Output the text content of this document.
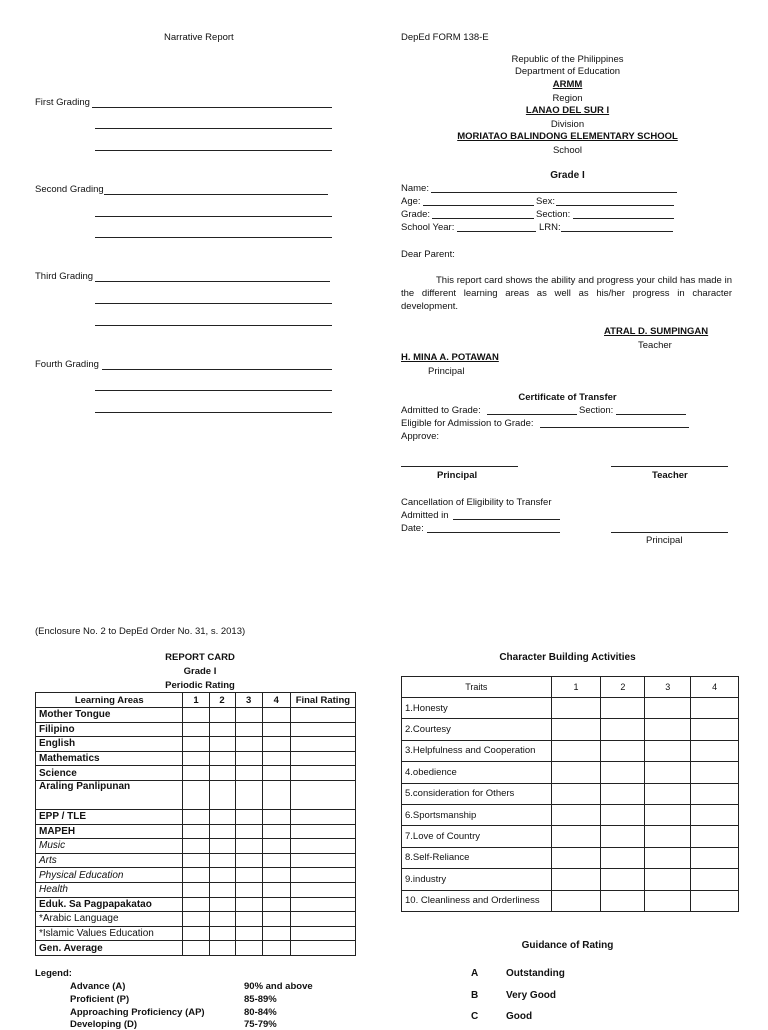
Narrative Report
First Grading
Second Grading
Third Grading
Fourth Grading
DepEd FORM 138-E
Republic of the Philippines
Department of Education
ARMM
Region
LANAO DEL SUR I
Division
MORIATAO BALINDONG ELEMENTARY SCHOOL
School
Grade I
Name:
Age:	Sex:
Grade:	Section:
School Year:	LRN:
Dear Parent:
This report card shows the ability and progress your child has made in the different learning areas as well as his/her progress in character development.
ATRAL D. SUMPINGAN
Teacher
H. MINA A. POTAWAN
Principal
Certificate of Transfer
Admitted to Grade:	Section:
Eligible for Admission to Grade:
Approve:
Principal	Teacher
Cancellation of Eligibility to Transfer
Admitted in
Date:
Principal
(Enclosure No. 2 to DepEd Order No. 31, s. 2013)
REPORT CARD
Grade I
Periodic Rating
Learning Areas	1	2	3	4	Final Rating
Mother Tongue					
Filipino					
English					
Mathematics					
Science					
Araling Panlipunan					
EPP / TLE					
MAPEH					
Music					
Arts					
Physical Education					
Health					
Eduk. Sa Pagpapakatao					
*Arabic Language					
*Islamic Values Education					
Gen. Average					
Legend:
Advance (A)	90% and above
Proficient (P)	85-89%
Approaching Proficiency (AP)	80-84%
Developing (D)	75-79%
Character Building Activities
Traits	1	2	3	4
1.Honesty				
2.Courtesy				
3.Helpfulness and Cooperation				
4.obedience				
5.consideration for Others				
6.Sportsmanship				
7.Love of Country				
8.Self-Reliance				
9.industry				
10. Cleanliness and Orderliness				
Guidance of Rating
A	Outstanding
B	Very Good
C	Good
